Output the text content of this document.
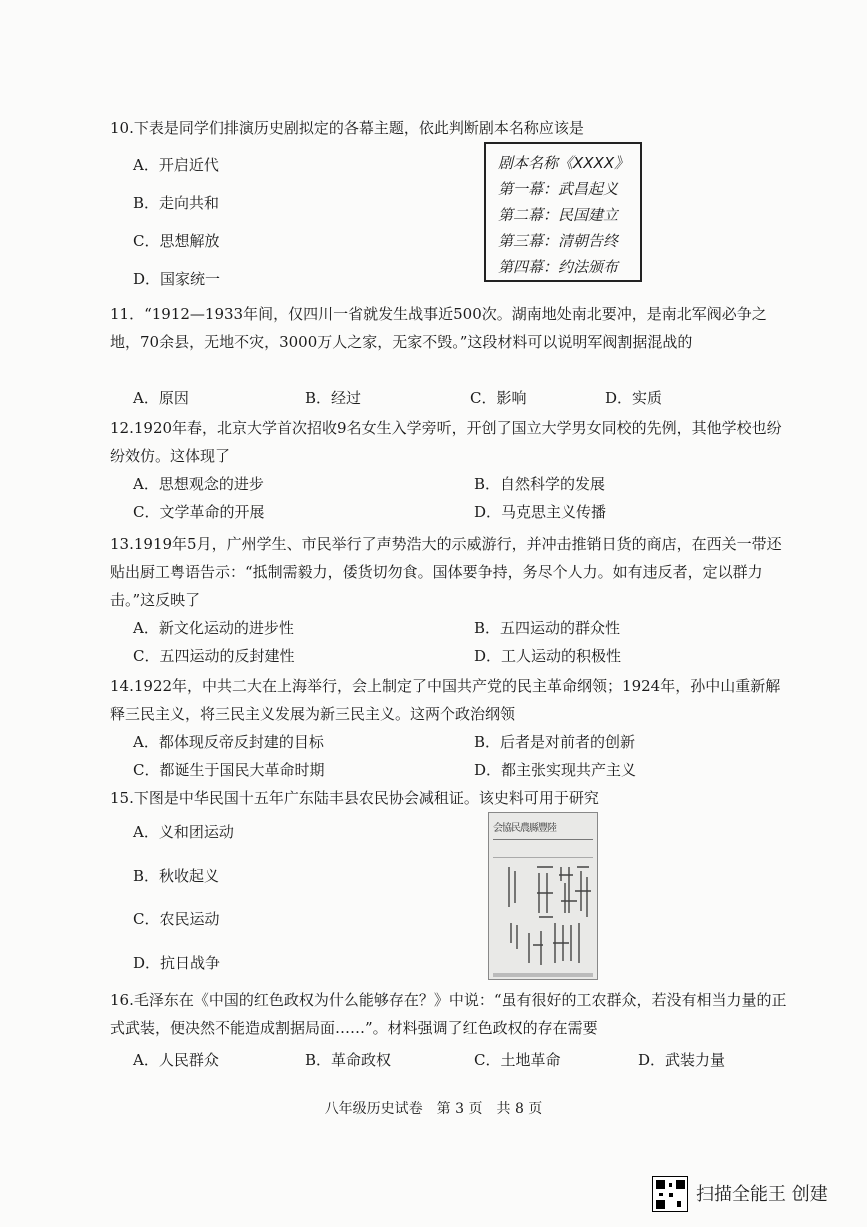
10.下表是同学们排演历史剧拟定的各幕主题，依此判断剧本名称应该是
A．开启近代
B．走向共和
C．思想解放
D．国家统一
剧本名称《XXXX》
第一幕：武昌起义
第二幕：民国建立
第三幕：清朝告终
第四幕：约法颁布
11．“1912—1933年间，仅四川一省就发生战事近500次。湖南地处南北要冲，是南北军阀必争之地，70余县，无地不灾，3000万人之家，无家不毁。”这段材料可以说明军阀割据混战的
A．原因	B．经过	C．影响	D．实质
12.1920年春，北京大学首次招收9名女生入学旁听，开创了国立大学男女同校的先例，其他学校也纷纷效仿。这体现了
A．思想观念的进步	B．自然科学的发展
C．文学革命的开展	D．马克思主义传播
13.1919年5月，广州学生、市民举行了声势浩大的示威游行，并冲击推销日货的商店，在西关一带还贴出厨工粤语告示：“抵制需毅力，倭货切勿食。国体要争持，务尽个人力。如有违反者，定以群力击。”这反映了
A．新文化运动的进步性	B．五四运动的群众性
C．五四运动的反封建性	D．工人运动的积极性
14.1922年，中共二大在上海举行，会上制定了中国共产党的民主革命纲领；1924年，孙中山重新解释三民主义，将三民主义发展为新三民主义。这两个政治纲领
A．都体现反帝反封建的目标	B．后者是对前者的创新
C．都诞生于国民大革命时期	D．都主张实现共产主义
15.下图是中华民国十五年广东陆丰县农民协会减租证。该史料可用于研究
A．义和团运动
B．秋收起义
C．农民运动
D．抗日战争
会協民農縣豐陸
16.毛泽东在《中国的红色政权为什么能够存在？》中说：“虽有很好的工农群众，若没有相当力量的正式武装，便决然不能造成割据局面……”。材料强调了红色政权的存在需要
A．人民群众	B．革命政权	C．土地革命	D．武装力量
八年级历史试卷　第 3 页　共 8 页
扫描全能王 创建
